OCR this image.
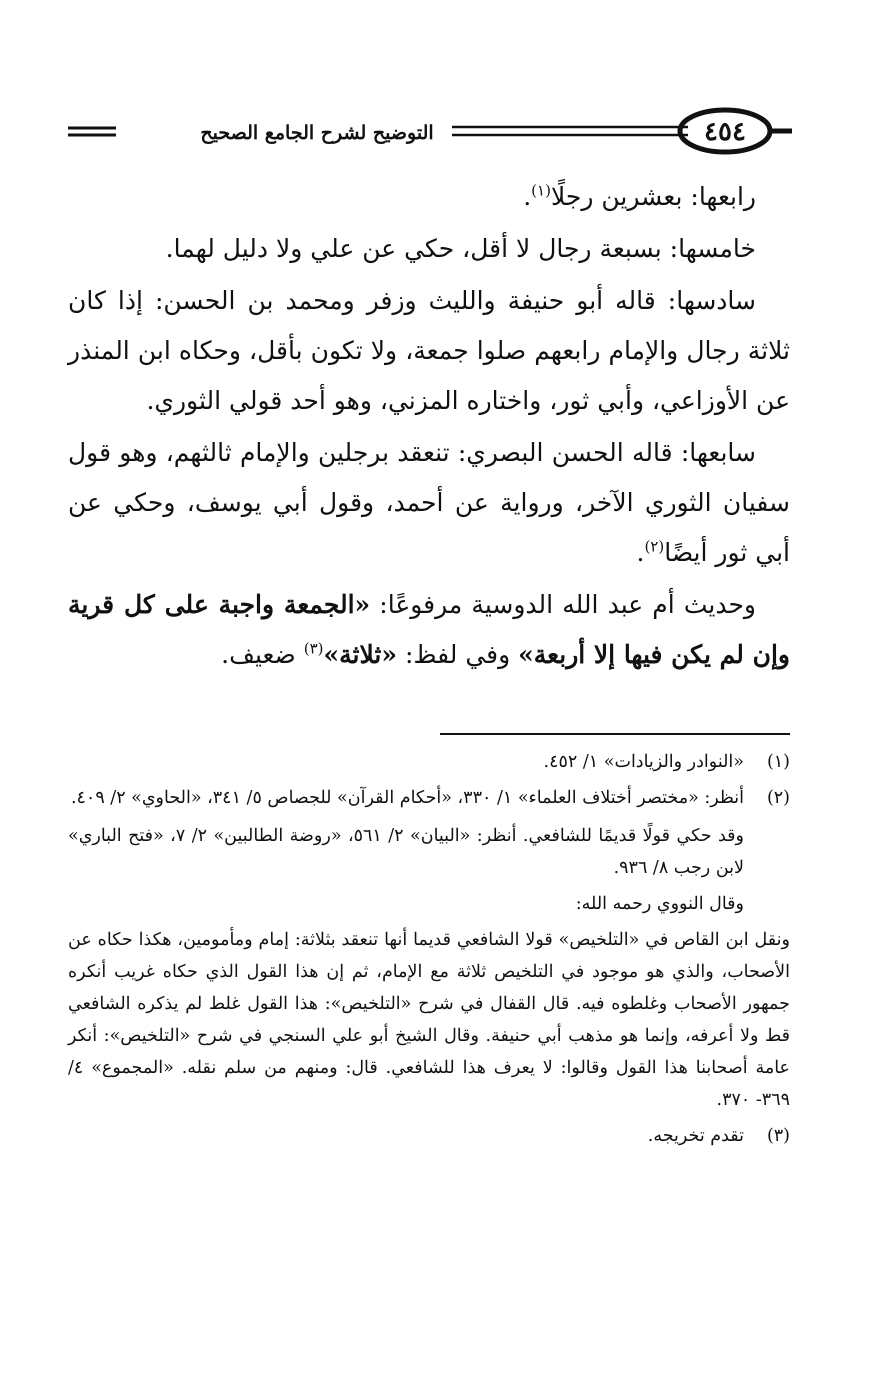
التوضيح لشرح الجامع الصحيح	٤٥٤

رابعها: بعشرين رجلًا$^{(١)}$.

خامسها: بسبعة رجال لا أقل، حكي عن علي ولا دليل لهما.

سادسها: قاله أبو حنيفة والليث وزفر ومحمد بن الحسن: إذا كان ثلاثة رجال والإمام رابعهم صلوا جمعة، ولا تكون بأقل، وحكاه ابن المنذر عن الأوزاعي، وأبي ثور، واختاره المزني، وهو أحد قولي الثوري.

سابعها: قاله الحسن البصري: تنعقد برجلين والإمام ثالثهم، وهو قول سفيان الثوري الآخر، ورواية عن أحمد، وقول أبي يوسف، وحكي عن أبي ثور أيضًا$^{(٢)}$.

وحديث أم عبد الله الدوسية مرفوعًا: «الجمعة واجبة على كل قرية وإن لم يكن فيها إلا أربعة» وفي لفظ: «ثلاثة»$^{(٣)}$ ضعيف.

(١)
«النوادر والزيادات» ١/ ٤٥٢.
(٢)
أنظر: «مختصر أختلاف العلماء» ١/ ٣٣٠، «أحكام القرآن» للجصاص ٥/ ٣٤١، «الحاوي» ٢/ ٤٠٩.
وقد حكي قولًا قديمًا للشافعي. أنظر: «البيان» ٢/ ٥٦١، «روضة الطالبين» ٢/ ٧، «فتح الباري» لابن رجب ٨/ ٩٣٦.
وقال النووي رحمه الله:
ونقل ابن القاص في «التلخيص» قولا الشافعي قديما أنها تنعقد بثلاثة: إمام ومأمومين، هكذا حكاه عن الأصحاب، والذي هو موجود في التلخيص ثلاثة مع الإمام، ثم إن هذا القول الذي حكاه غريب أنكره جمهور الأصحاب وغلطوه فيه. قال القفال في شرح «التلخيص»: هذا القول غلط لم يذكره الشافعي قط ولا أعرفه، وإنما هو مذهب أبي حنيفة. وقال الشيخ أبو علي السنجي في شرح «التلخيص»: أنكر عامة أصحابنا هذا القول وقالوا: لا يعرف هذا للشافعي. قال: ومنهم من سلم نقله. «المجموع» ٤/ ٣٦٩- ٣٧٠.
(٣)
تقدم تخريجه.
